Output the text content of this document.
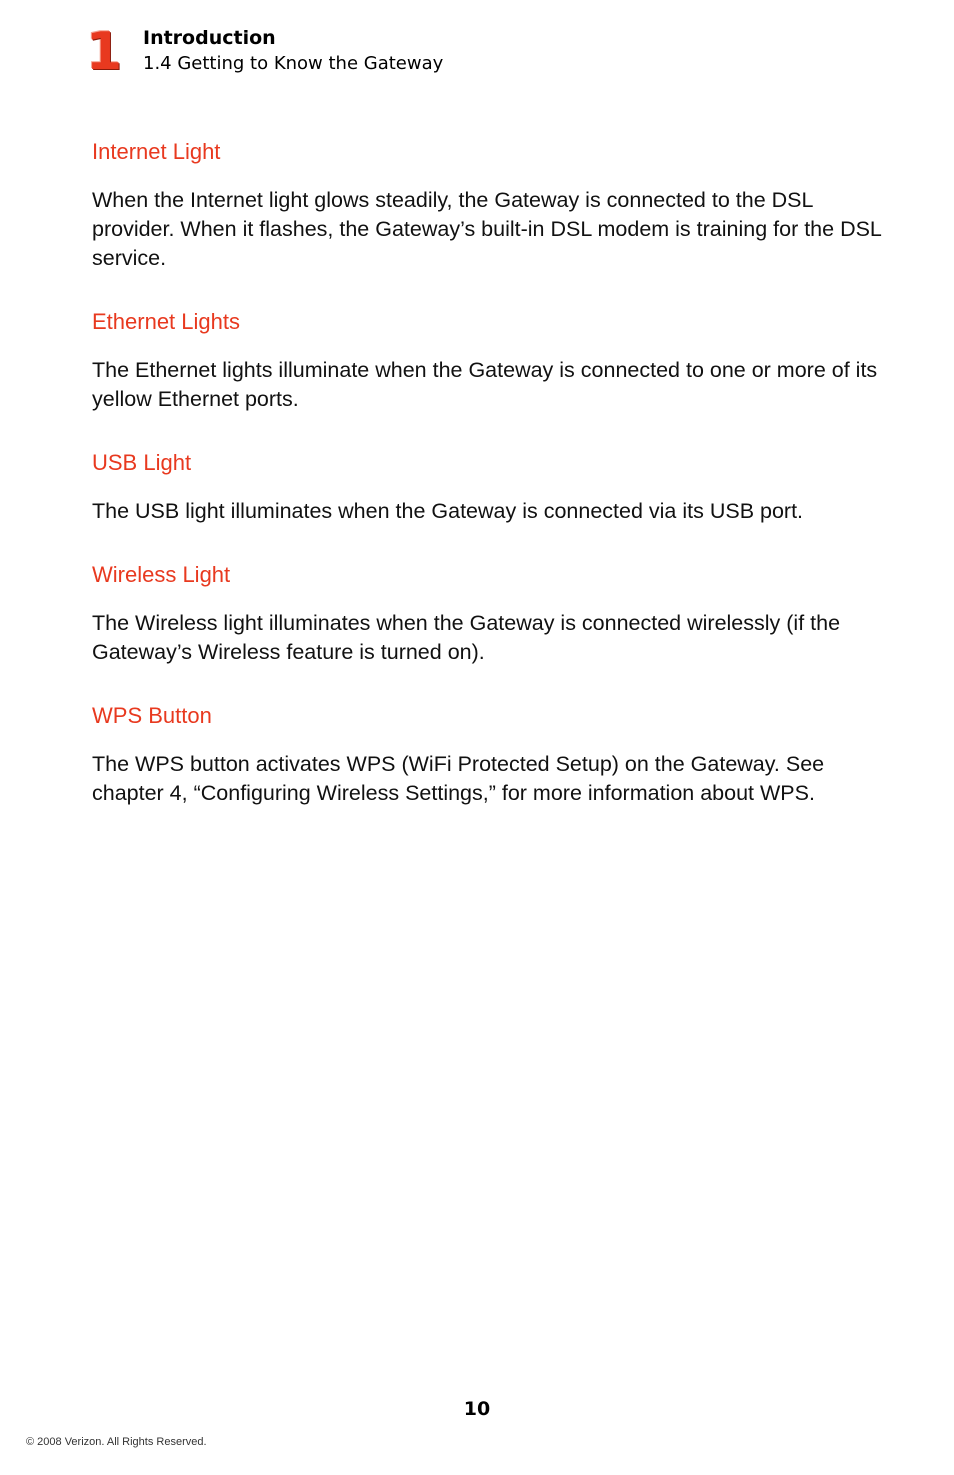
1 Introduction
1.4 Getting to Know the Gateway
Internet Light

When the Internet light glows steadily, the Gateway is connected to the DSL provider. When it flashes, the Gateway’s built-in DSL modem is training for the DSL service.

Ethernet Lights

The Ethernet lights illuminate when the Gateway is connected to one or more of its yellow Ethernet ports.

USB Light

The USB light illuminates when the Gateway is connected via its USB port.

Wireless Light

The Wireless light illuminates when the Gateway is connected wirelessly (if the Gateway’s Wireless feature is turned on).

WPS Button

The WPS button activates WPS (WiFi Protected Setup) on the Gateway. See chapter 4, “Configuring Wireless Settings,” for more information about WPS.

10
© 2008 Verizon. All Rights Reserved.
